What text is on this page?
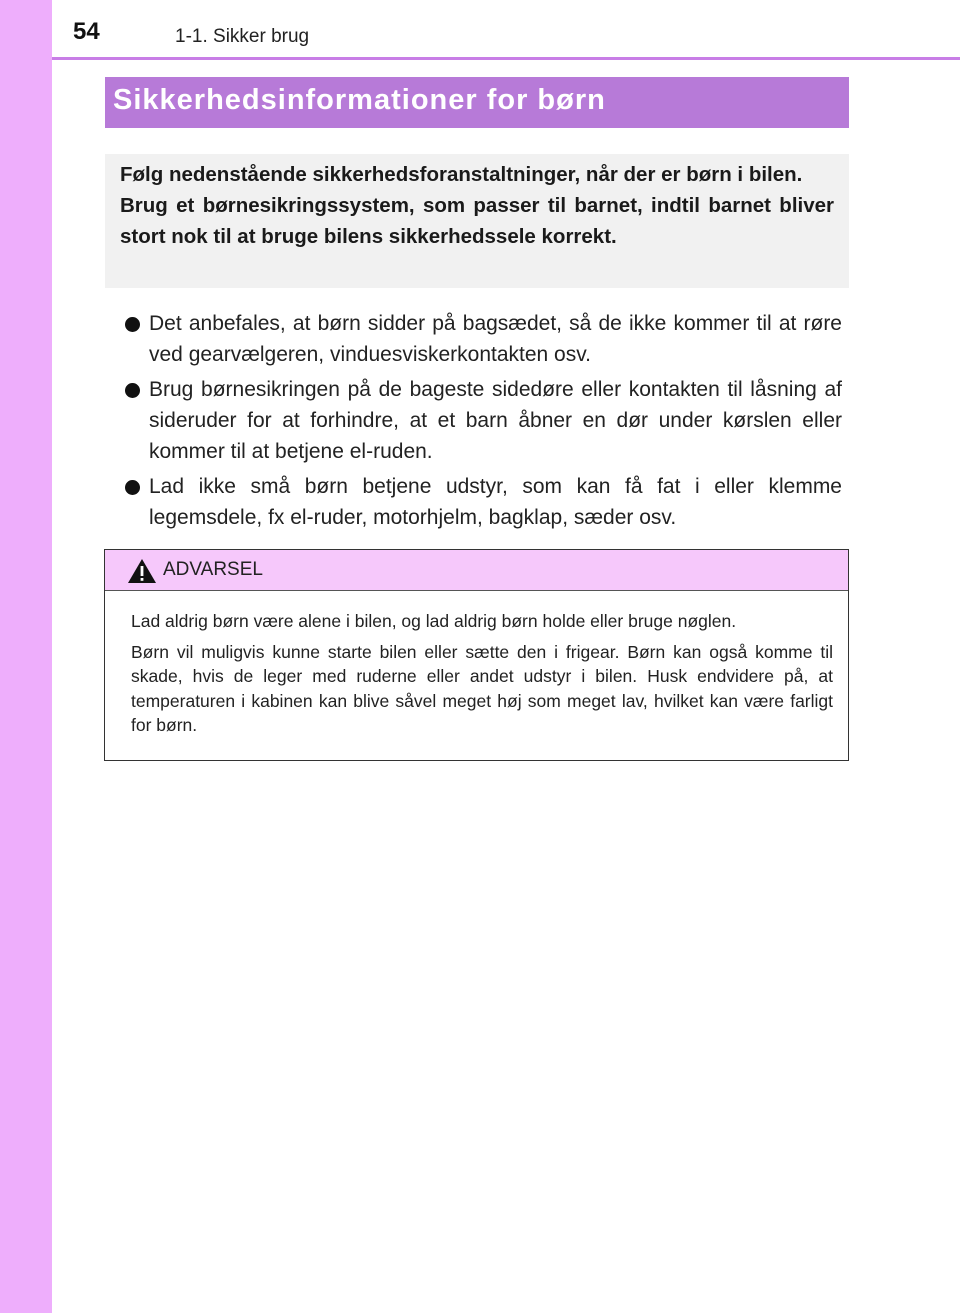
54	1-1. Sikker brug
Sikkerhedsinformationer for børn

Følg nedenstående sikkerhedsforanstaltninger, når der er børn i bilen.

Brug et børnesikringssystem, som passer til barnet, indtil barnet bliver stort nok til at bruge bilens sikkerhedssele korrekt.

Det anbefales, at børn sidder på bagsædet, så de ikke kommer til at røre ved gearvælgeren, vinduesviskerkontakten osv.
Brug børnesikringen på de bageste sidedøre eller kontakten til låsning af sideruder for at forhindre, at et barn åbner en dør under kørslen eller kommer til at betjene el-ruden.
Lad ikke små børn betjene udstyr, som kan få fat i eller klemme legemsdele, fx el-ruder, motorhjelm, bagklap, sæder osv.
ADVARSEL

Lad aldrig børn være alene i bilen, og lad aldrig børn holde eller bruge nøglen.

Børn vil muligvis kunne starte bilen eller sætte den i frigear. Børn kan også komme til skade, hvis de leger med ruderne eller andet udstyr i bilen. Husk endvidere på, at temperaturen i kabinen kan blive såvel meget høj som meget lav, hvilket kan være farligt for børn.
